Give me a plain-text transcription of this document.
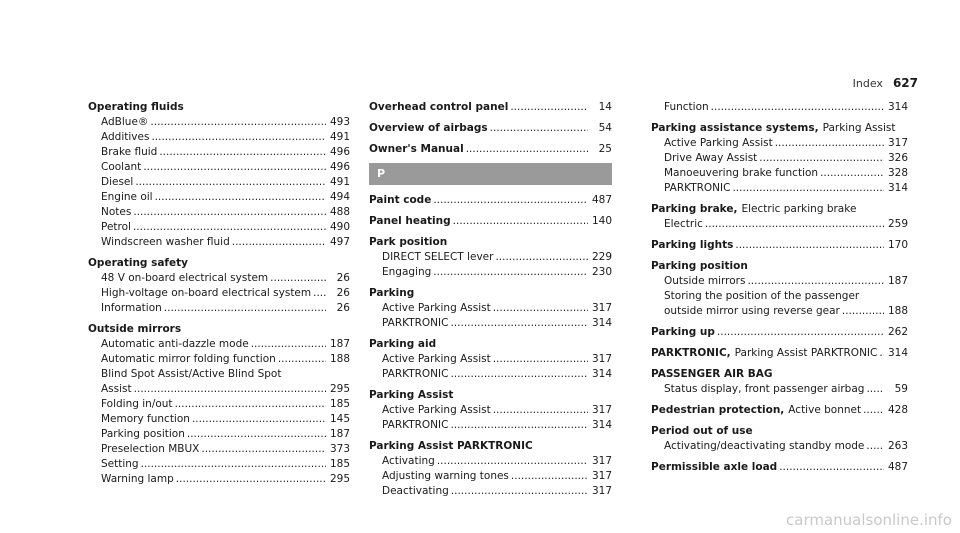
Index 627
Operating fluids
AdBlue® .....	493
Additives .....	491
Brake fluid .....	496
Coolant .....	496
Diesel .....	491
Engine oil .....	494
Notes .....	488
Petrol .....	490
Windscreen washer fluid .....	497
Operating safety
48 V on-board electrical system .....	26
High-voltage on-board electrical system .....	26
Information .....	26
Outside mirrors
Automatic anti-dazzle mode .....	187
Automatic mirror folding function .....	188
Blind Spot Assist/Active Blind Spot
Assist .....	295
Folding in/out .....	185
Memory function .....	145
Parking position .....	187
Preselection MBUX .....	373
Setting .....	185
Warning lamp .....	295
Overhead control panel .....	14
Overview of airbags .....	54
Owner's Manual .....	25
P
Paint code .....	487
Panel heating .....	140
Park position
DIRECT SELECT lever .....	229
Engaging .....	230
Parking
Active Parking Assist .....	317
PARKTRONIC .....	314
Parking aid
Active Parking Assist .....	317
PARKTRONIC .....	314
Parking Assist
Active Parking Assist .....	317
PARKTRONIC .....	314
Parking Assist PARKTRONIC
Activating .....	317
Adjusting warning tones .....	317
Deactivating .....	317
Function .....	314
Parking assistance systems, Parking Assist
Active Parking Assist .....	317
Drive Away Assist .....	326
Manoeuvering brake function .....	328
PARKTRONIC .....	314
Parking brake, Electric parking brake
Electric .....	259
Parking lights .....	170
Parking position
Outside mirrors .....	187
Storing the position of the passenger
outside mirror using reverse gear .....	188
Parking up .....	262
PARKTRONIC, Parking Assist PARKTRONIC ..... 314
PASSENGER AIR BAG
Status display, front passenger airbag .....	59
Pedestrian protection, Active bonnet .....	428
Period out of use
Activating/deactivating standby mode ..... 263
Permissible axle load .....	487
carmanualsonline.info
